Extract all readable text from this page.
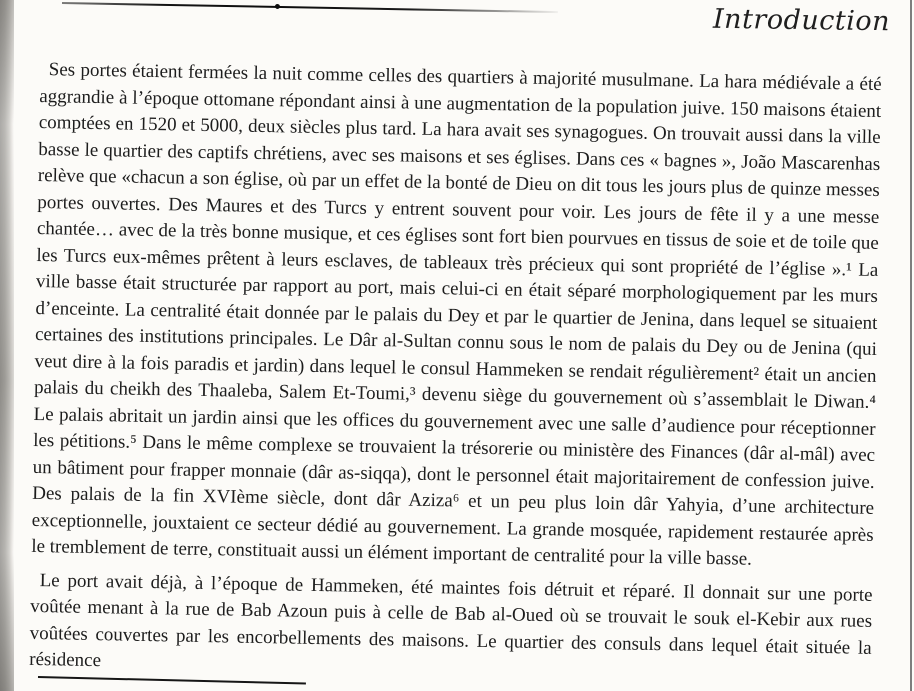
Introduction

Ses portes étaient fermées la nuit comme celles des quartiers à majorité musulmane. La hara médiévale a été aggrandie à l’époque ottomane répondant ainsi à une augmentation de la population juive. 150 maisons étaient comptées en 1520 et 5000, deux siècles plus tard. La hara avait ses synagogues. On trouvait aussi dans la ville basse le quartier des captifs chrétiens, avec ses maisons et ses églises. Dans ces « bagnes », João Mascarenhas relève que «chacun a son église, où par un effet de la bonté de Dieu on dit tous les jours plus de quinze messes portes ouvertes. Des Maures et des Turcs y entrent souvent pour voir. Les jours de fête il y a une messe chantée… avec de la très bonne musique, et ces églises sont fort bien pourvues en tissus de soie et de toile que les Turcs eux-mêmes prêtent à leurs esclaves, de tableaux très précieux qui sont propriété de l’église ».¹ La ville basse était structurée par rapport au port, mais celui-ci en était séparé morphologiquement par les murs d’enceinte. La centralité était donnée par le palais du Dey et par le quartier de Jenina, dans lequel se situaient certaines des institutions principales. Le Dâr al-Sultan connu sous le nom de palais du Dey ou de Jenina (qui veut dire à la fois paradis et jardin) dans lequel le consul Hammeken se rendait régulièrement² était un ancien palais du cheikh des Thaaleba, Salem Et-Toumi,³ devenu siège du gouvernement où s’assemblait le Diwan.⁴ Le palais abritait un jardin ainsi que les offices du gouvernement avec une salle d’audience pour réceptionner les pétitions.⁵ Dans le même complexe se trouvaient la trésorerie ou ministère des Finances (dâr al-mâl) avec un bâtiment pour frapper monnaie (dâr as-siqqa), dont le personnel était majoritairement de confession juive. Des palais de la fin XVIème siècle, dont dâr Aziza⁶ et un peu plus loin dâr Yahyia, d’une architecture exceptionnelle, jouxtaient ce secteur dédié au gouvernement. La grande mosquée, rapidement restaurée après le tremblement de terre, constituait aussi un élément important de centralité pour la ville basse.

Le port avait déjà, à l’époque de Hammeken, été maintes fois détruit et réparé. Il donnait sur une porte voûtée menant à la rue de Bab Azoun puis à celle de Bab al-Oued où se trouvait le souk el-Kebir aux rues voûtées couvertes par les encorbellements des maisons. Le quartier des consuls dans lequel était située la résidence
